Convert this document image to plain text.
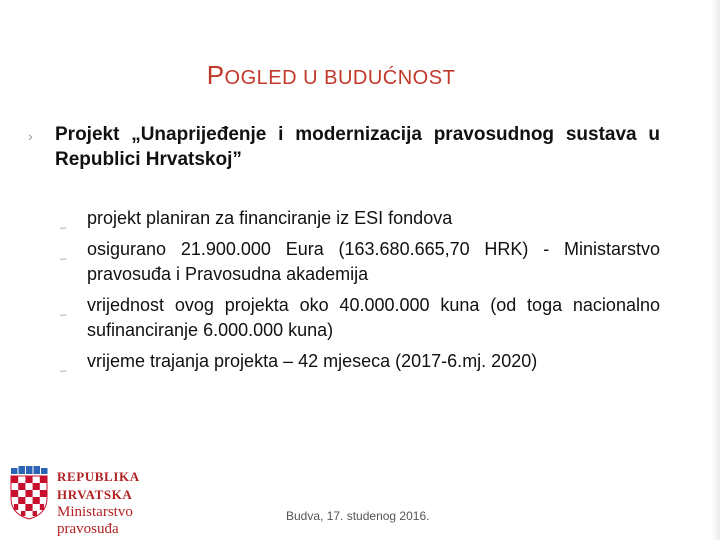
POGLED U BUDUĆNOST
› Projekt „Unaprijeđenje i modernizacija pravosudnog sustava u Republici Hrvatskoj”
– projekt planiran za financiranje iz ESI fondova
– osigurano 21.900.000 Eura (163.680.665,70 HRK) - Ministarstvo pravosuđa i Pravosudna akademija
– vrijednost ovog projekta oko 40.000.000 kuna (od toga nacionalno sufinanciranje 6.000.000 kuna)
– vrijeme trajanja projekta – 42 mjeseca (2017-6.mj. 2020)
REPUBLIKA HRVATSKA
Ministarstvo
pravosuđa
Budva, 17. studenog 2016.
